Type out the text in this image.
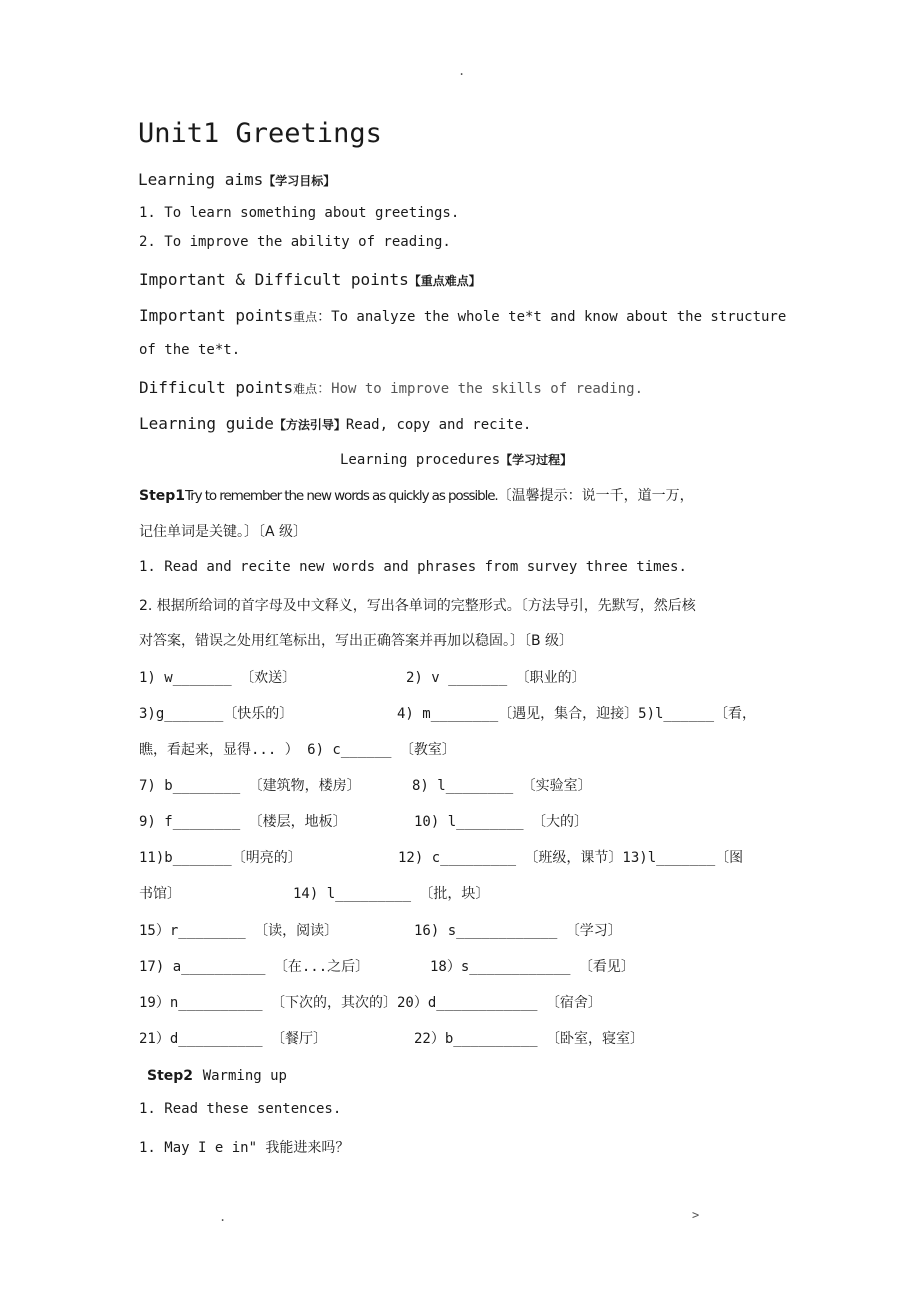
.
Unit1 Greetings
Learning aims【学习目标】
1. To learn something about greetings.
2. To improve the ability of reading.
Important & Difficult points【重点难点】
Important points重点：To analyze the whole te*t and know about the structure
of the te*t.
Difficult points难点：How to improve the skills of reading.
Learning guide【方法引导】Read, copy and recite.
Learning procedures【学习过程】
Step1Try to remember the new words as quickly as possible.〔温馨提示：说一千，道一万，
记住单词是关键。〕〔A 级〕
1. Read and recite new words and phrases from survey three times.
2. 根据所给词的首字母及中文释义，写出各单词的完整形式。〔方法导引，先默写，然后核
对答案，错误之处用红笔标出，写出正确答案并再加以稳固。〕〔B 级〕
1) w_______ 〔欢送〕	2) v _______ 〔职业的〕
3)g_______〔快乐的〕	4) m________〔遇见，集合，迎接〕5)l______〔看，
瞧，看起来，显得... ） 6) c______ 〔教室〕
7) b________ 〔建筑物，楼房〕	8) l________ 〔实验室〕
9) f________ 〔楼层，地板〕	10) l________ 〔大的〕
11)b_______〔明亮的〕	12) c_________ 〔班级，课节〕13)l_______〔图
书馆〕	14) l_________ 〔批，块〕
15）r________ 〔读，阅读〕	16) s____________ 〔学习〕
17) a__________ 〔在...之后〕	18）s____________ 〔看见〕
19）n__________ 〔下次的，其次的〕20）d____________ 〔宿舍〕
21）d__________ 〔餐厅〕	22）b__________ 〔卧室，寝室〕
Step2 Warming up
1. Read these sentences.
1. May I e in" 我能进来吗？
.	>
